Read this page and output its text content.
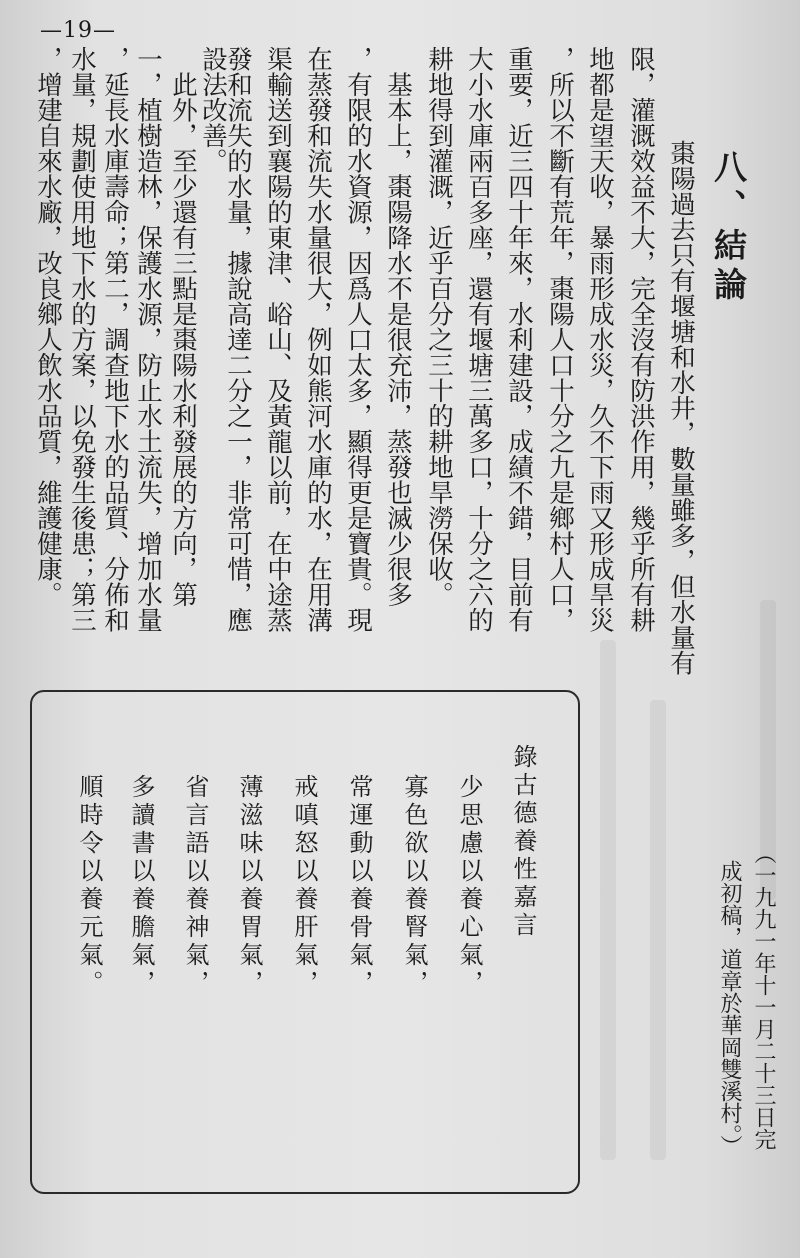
—19—
八、結論
棗陽過去只有堰塘和水井，數量雖多，但水量有
限，灌溉效益不大，完全沒有防洪作用，幾乎所有耕
地都是望天收，暴雨形成水災，久不下雨又形成旱災
，所以不斷有荒年，棗陽人口十分之九是鄉村人口，
重要，近三四十年來，水利建設，成績不錯，目前有
大小水庫兩百多座，還有堰塘三萬多口，十分之六的
耕地得到灌溉，近乎百分之三十的耕地旱澇保收。
　基本上，棗陽降水不是很充沛，蒸發也滅少很多
，有限的水資源，因爲人口太多，顯得更是寶貴。現
在蒸發和流失水量很大，例如熊河水庫的水，在用溝
渠輸送到襄陽的東津、峪山、及黃龍以前，在中途蒸
發和流失的水量，據說高達二分之一，非常可惜，應
設法改善。
　此外，至少還有三點是棗陽水利發展的方向，第
一，植樹造林，保護水源，防止水土流失，增加水量
，延長水庫壽命；第二，調查地下水的品質、分佈和
水量，規劃使用地下水的方案，以免發生後患；第三
，增建自來水廠，改良鄉人飲水品質，維護健康。
（一九九一年十一月二十三日完
成初稿，道章於華岡雙溪村。）
錄古德養性嘉言
少思慮以養心氣，
寡色欲以養腎氣，
常運動以養骨氣，
戒嗔怒以養肝氣，
薄滋味以養胃氣，
省言語以養神氣，
多讀書以養膽氣，
順時令以養元氣。
